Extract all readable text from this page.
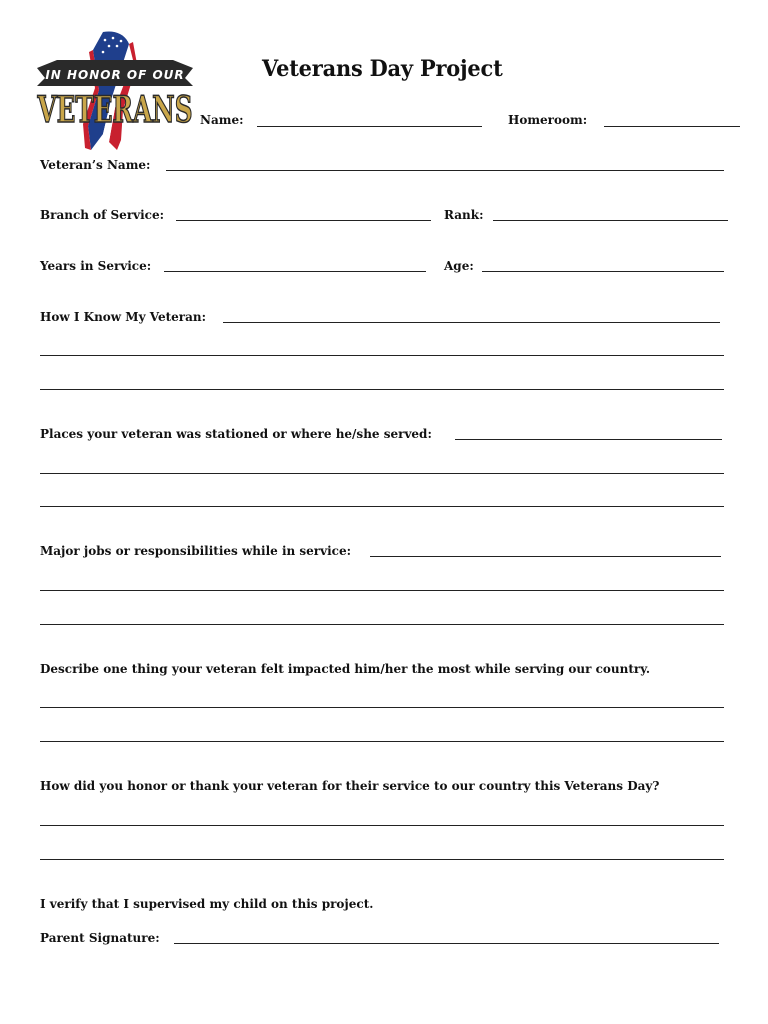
IN HONOR OF OUR
VETERANS
Veterans Day Project
Name:	Homeroom:
Veteran’s Name:
Branch of Service:	Rank:
Years in Service:	Age:
How I Know My Veteran:
Places your veteran was stationed or where he/she served:
Major jobs or responsibilities while in service:
Describe one thing your veteran felt impacted him/her the most while serving our country.
How did you honor or thank your veteran for their service to our country this Veterans Day?
I verify that I supervised my child on this project.
Parent Signature:
